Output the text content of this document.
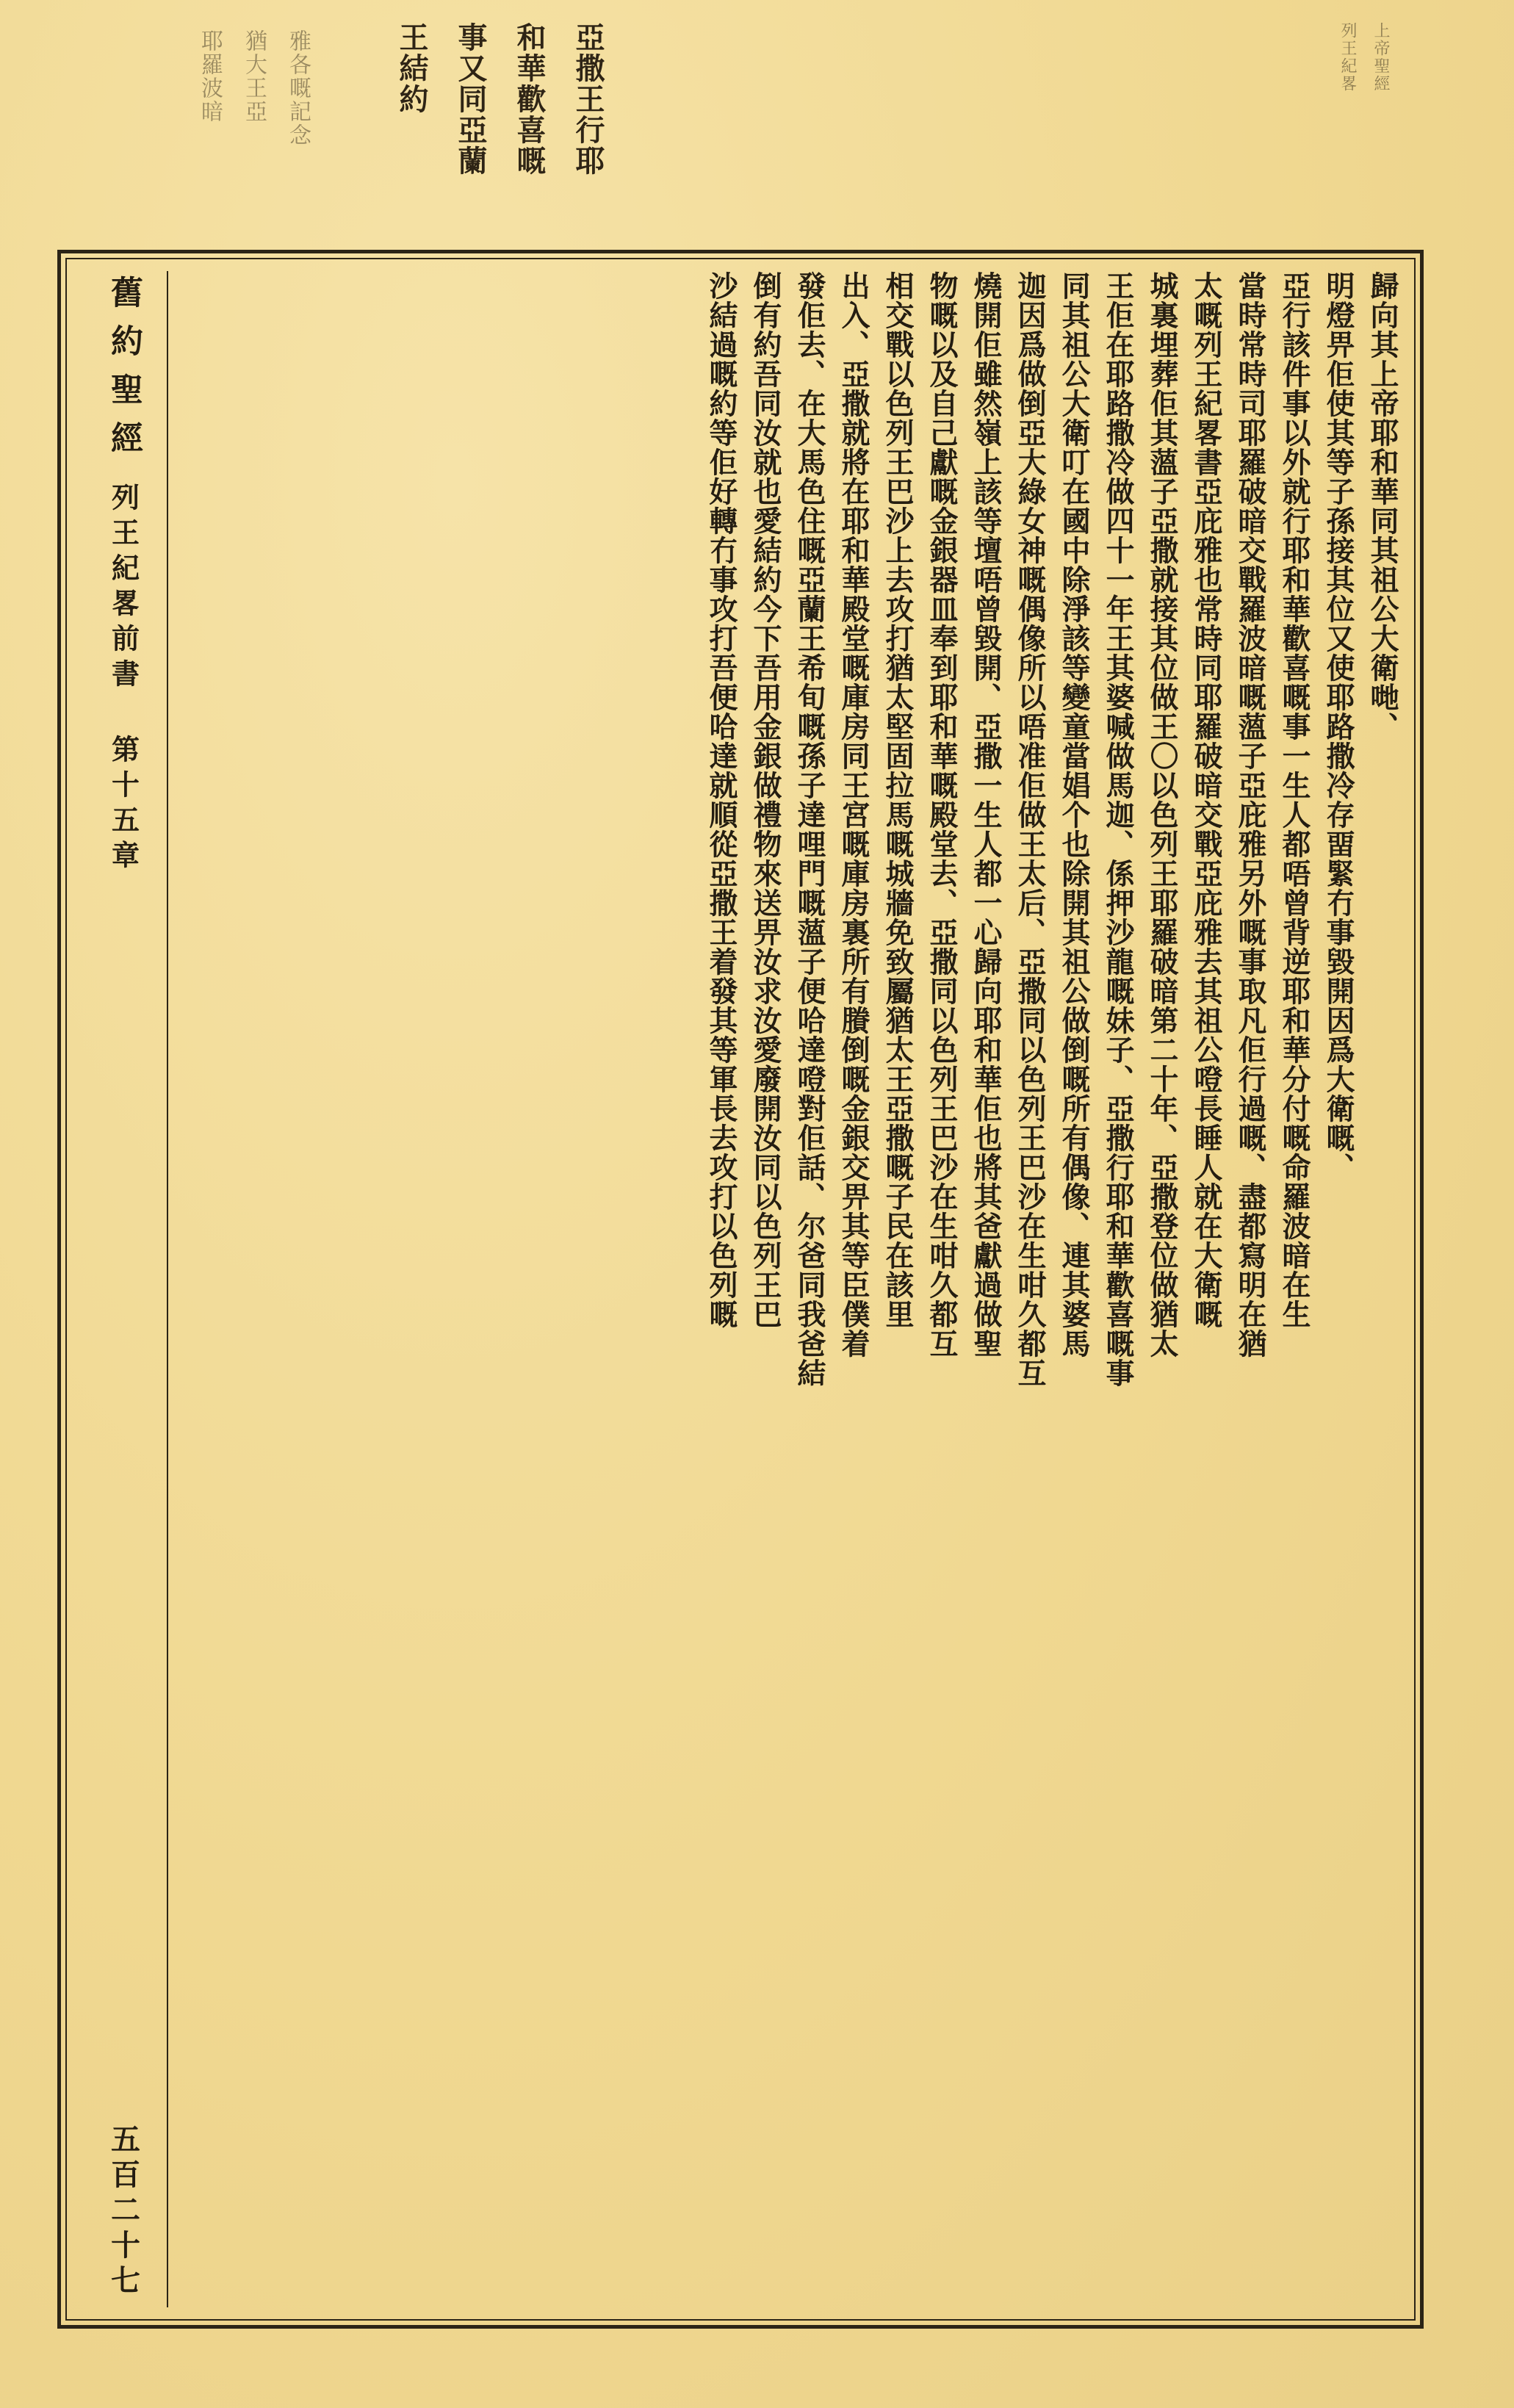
亞撒王行耶
和華歡喜嘅
事又同亞蘭
王結約
雅各嘅記念
猶大王亞
耶羅波暗	上帝聖經
列王紀畧
歸向其上帝耶和華同其祖公大衛哋、
明燈畀佢使其等子孫接其位又使耶路撒冷存畱緊冇事毀開因爲大衛嘅、
亞行該件事以外就行耶和華歡喜嘅事一生人都唔曾背逆耶和華分付嘅命羅波暗在生
當時常時司耶羅破暗交戰羅波暗嘅薀子亞庇雅另外嘅事取凡佢行過嘅、盡都寫明在猶
太嘅列王紀畧書亞庇雅也常時同耶羅破暗交戰亞庇雅去其祖公噔長睡人就在大衛嘅
城裏埋葬佢其薀子亞撒就接其位做王〇以色列王耶羅破暗第二十年、亞撒登位做猶太
王佢在耶路撒冷做四十一年王其婆喊做馬迦、係押沙龍嘅妹子、亞撒行耶和華歡喜嘅事
同其祖公大衛叮在國中除淨該等變童當娼个也除開其祖公做倒嘅所有偶像、連其婆馬
迦因爲做倒亞大綠女神嘅偶像所以唔准佢做王太后、亞撒同以色列王巴沙在生咁久都互
燒開佢雖然嶺上該等壇唔曾毀開、亞撒一生人都一心歸向耶和華佢也將其爸獻過做聖
物嘅以及自己獻嘅金銀器皿奉到耶和華嘅殿堂去、亞撒同以色列王巴沙在生咁久都互
相交戰以色列王巴沙上去攻打猶太堅固拉馬嘅城牆免致屬猶太王亞撒嘅子民在該里
出入、亞撒就將在耶和華殿堂嘅庫房同王宮嘅庫房裏所有賸倒嘅金銀交畀其等臣僕着
發佢去、在大馬色住嘅亞蘭王希旬嘅孫子達哩門嘅薀子便哈達噔對佢話、尔爸同我爸結
倒有約吾同汝就也愛結約今下吾用金銀做禮物來送畀汝求汝愛廢開汝同以色列王巴
沙結過嘅約等佢好轉冇事攻打吾便哈達就順從亞撒王着發其等軍長去攻打以色列嘅
舊約聖經
列王紀畧前書 第十五章
五百二十七
